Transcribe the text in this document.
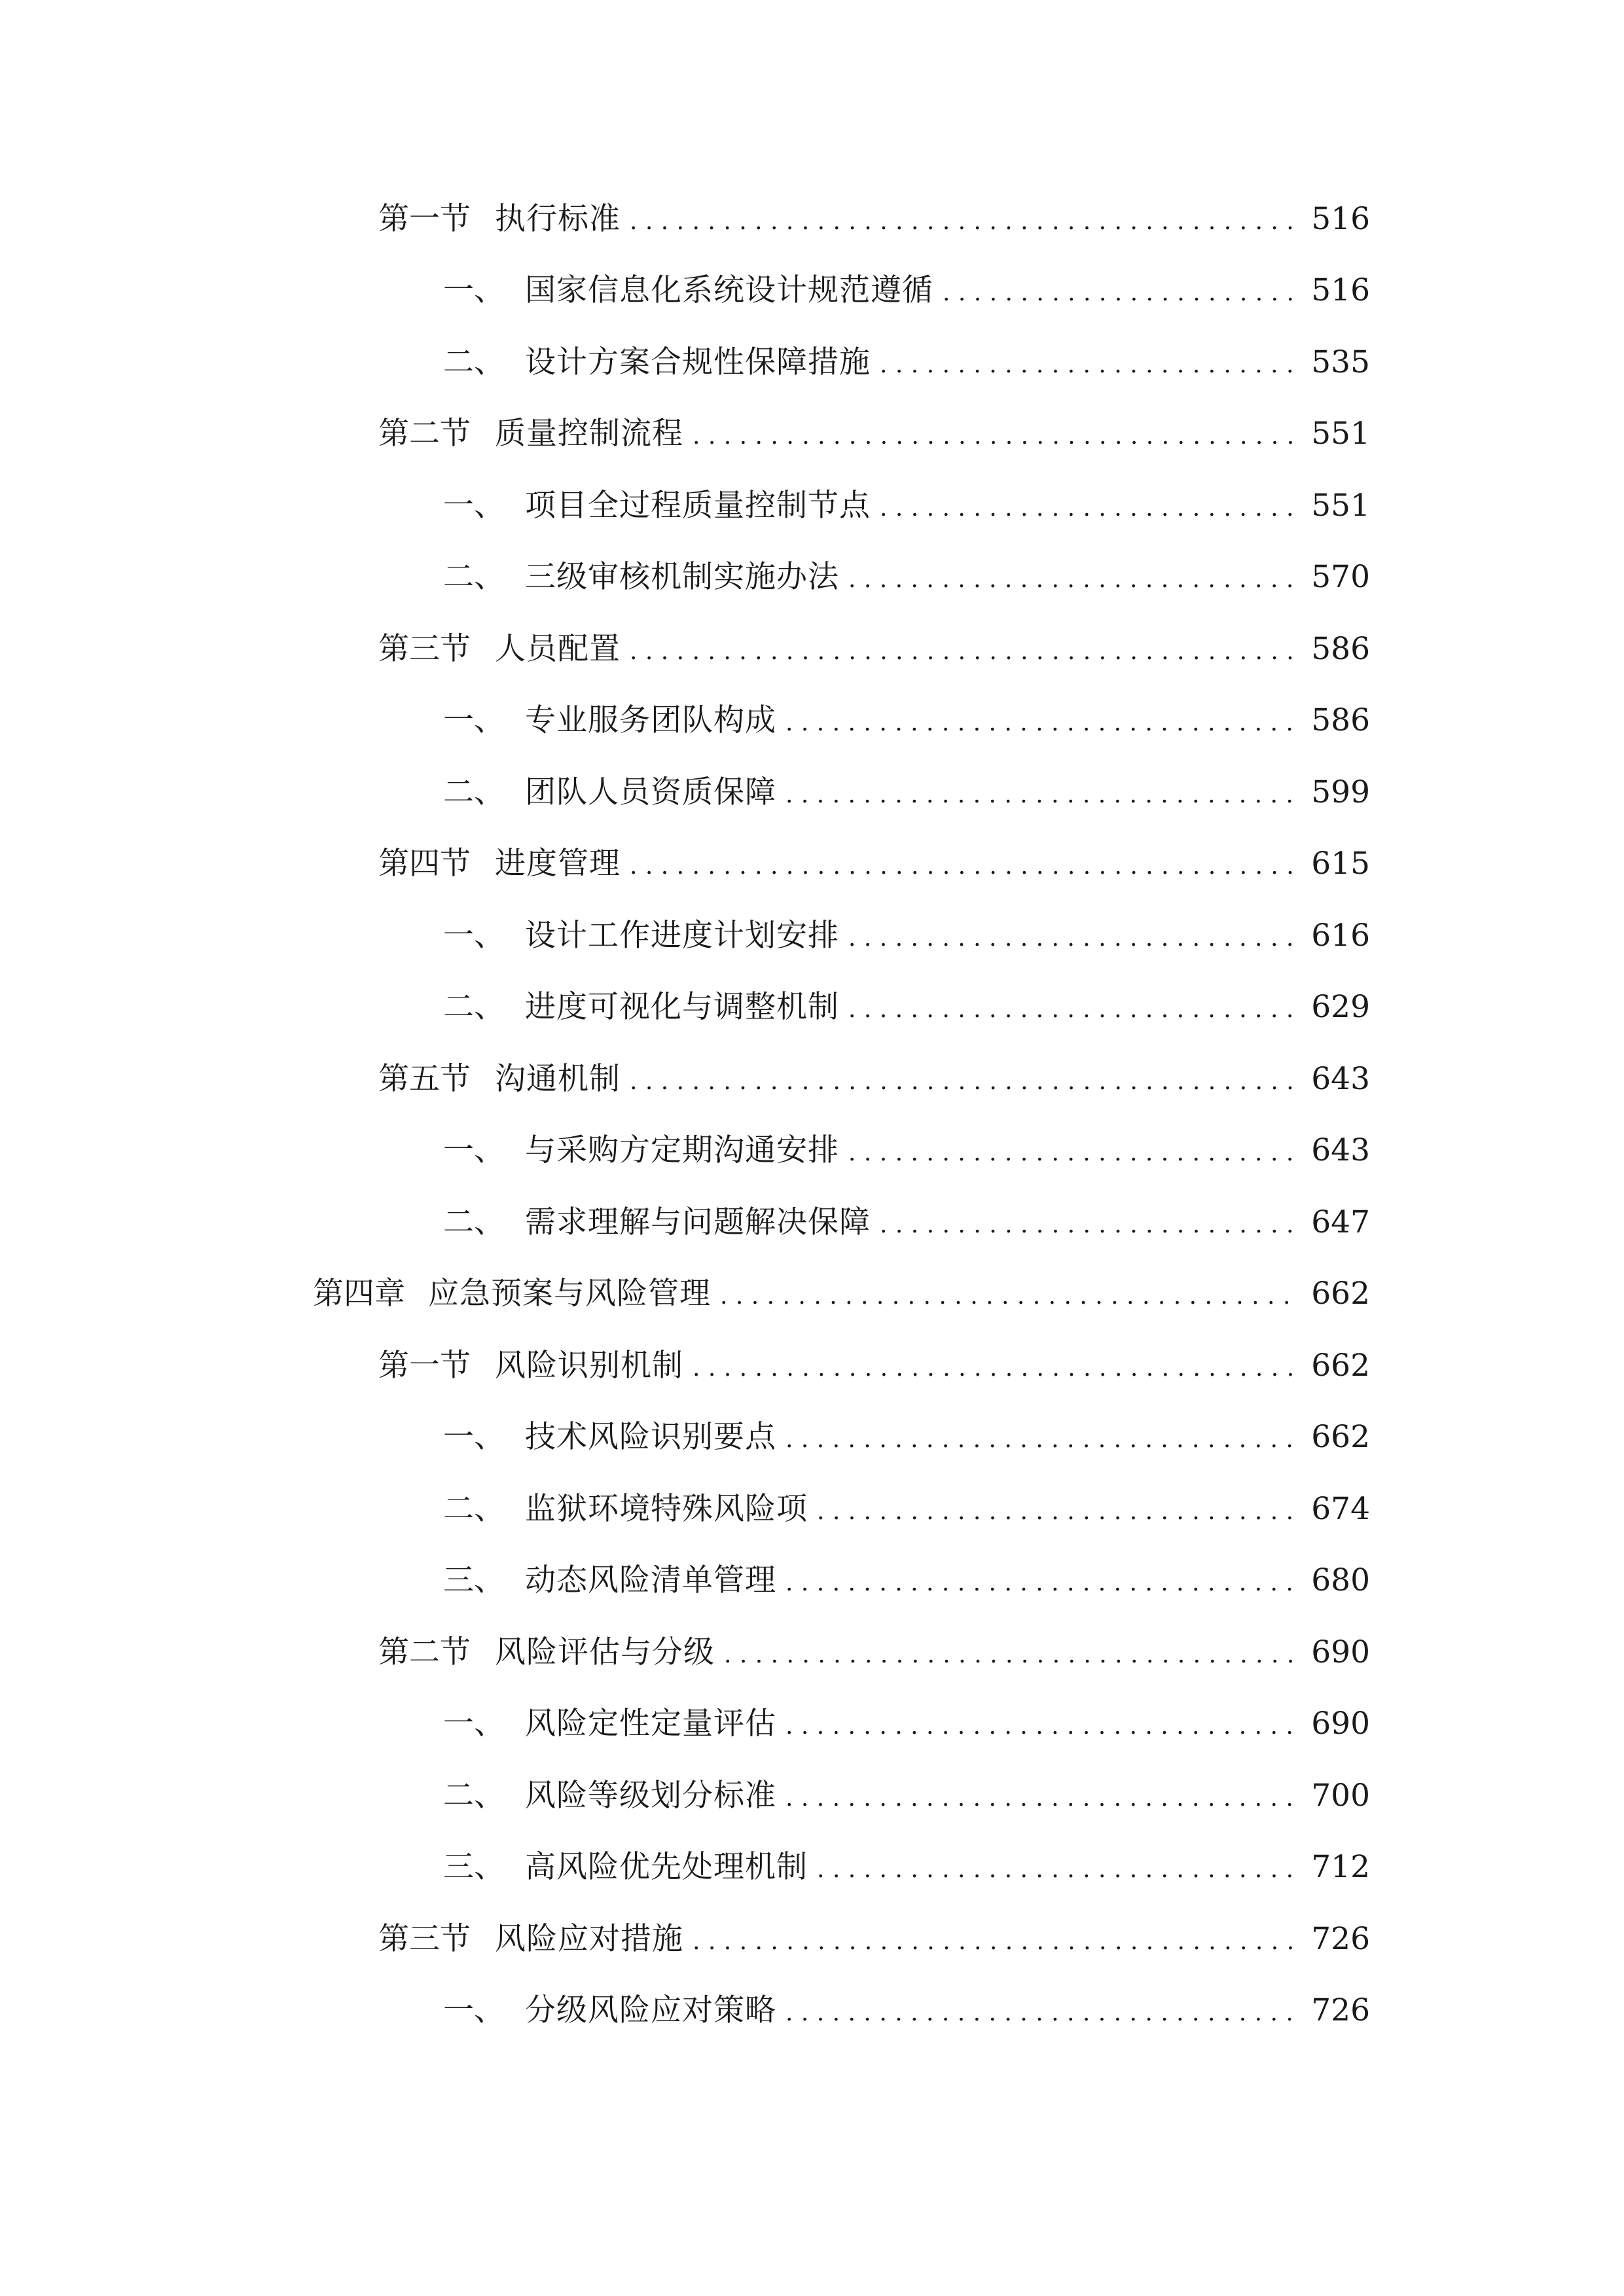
第一节 执行标准 . . .	516
一、 国家信息化系统设计规范遵循 . . .	516
二、 设计方案合规性保障措施 . . .	535
第二节 质量控制流程 . . .	551
一、 项目全过程质量控制节点 . . .	551
二、 三级审核机制实施办法 . . .	570
第三节 人员配置 . . .	586
一、 专业服务团队构成 . . .	586
二、 团队人员资质保障 . . .	599
第四节 进度管理 . . .	615
一、 设计工作进度计划安排 . . .	616
二、 进度可视化与调整机制 . . .	629
第五节 沟通机制 . . .	643
一、 与采购方定期沟通安排 . . .	643
二、 需求理解与问题解决保障 . . .	647
第四章 应急预案与风险管理 . . .	662
第一节 风险识别机制 . . .	662
一、 技术风险识别要点 . . .	662
二、 监狱环境特殊风险项 . . .	674
三、 动态风险清单管理 . . .	680
第二节 风险评估与分级 . . .	690
一、 风险定性定量评估 . . .	690
二、 风险等级划分标准 . . .	700
三、 高风险优先处理机制 . . .	712
第三节 风险应对措施 . . .	726
一、 分级风险应对策略 . . .	726
